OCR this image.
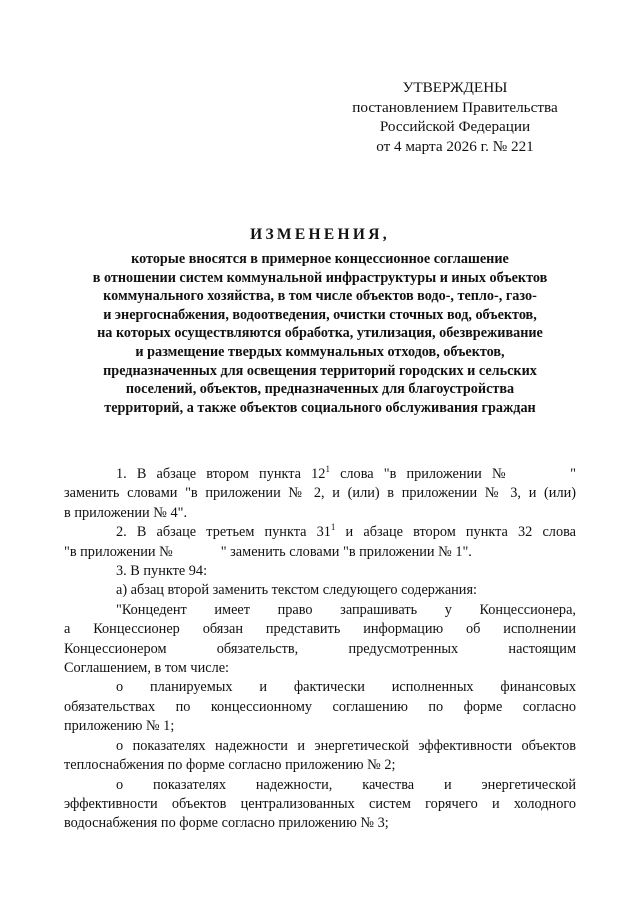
УТВЕРЖДЕНЫ
постановлением Правительства
Российской Федерации
от 4 марта 2026 г. № 221
ИЗМЕНЕНИЯ,
которые вносятся в примерное концессионное соглашение
в отношении систем коммунальной инфраструктуры и иных объектов
коммунального хозяйства, в том числе объектов водо-, тепло-, газо-
и энергоснабжения, водоотведения, очистки сточных вод, объектов,
на которых осуществляются обработка, утилизация, обезвреживание
и размещение твердых коммунальных отходов, объектов,
предназначенных для освещения территорий городских и сельских
поселений, объектов, предназначенных для благоустройства
территорий, а также объектов социального обслуживания граждан
1. В абзаце втором пункта $12^1$ слова "в приложении №	"
заменить словами "в приложении № 2, и (или) в приложении № 3, и (или)
в приложении № 4".
2. В абзаце третьем пункта $31^1$ и абзаце втором пункта 32 слова
"в приложении №	" заменить словами "в приложении № 1".
3. В пункте 94:
а) абзац второй заменить текстом следующего содержания:
"Концедент имеет право запрашивать у Концессионера,
а Концессионер обязан представить информацию об исполнении
Концессионером обязательств, предусмотренных настоящим
Соглашением, в том числе:
о планируемых и фактически исполненных финансовых
обязательствах по концессионному соглашению по форме согласно
приложению № 1;
о показателях надежности и энергетической эффективности объектов
теплоснабжения по форме согласно приложению № 2;
о показателях надежности, качества и энергетической
эффективности объектов централизованных систем горячего и холодного
водоснабжения по форме согласно приложению № 3;
